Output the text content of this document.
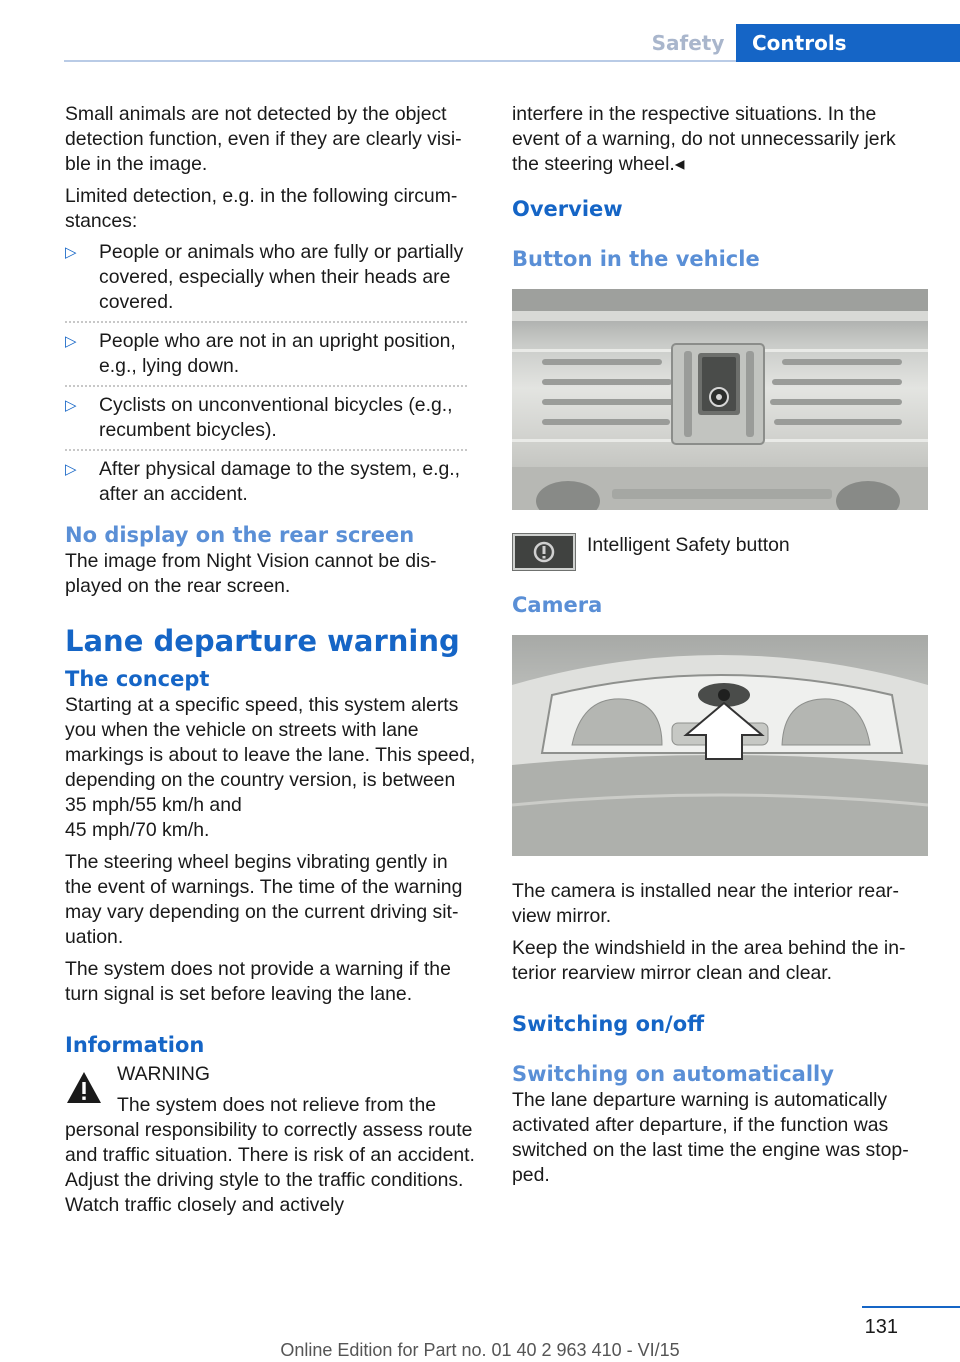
Safety	Controls

Small animals are not detected by the object detection function, even if they are clearly visible in the image.

Limited detection, e.g. in the following circumstances:

▷ People or animals who are fully or partially covered, especially when their heads are covered.
▷ People who are not in an upright position, e.g., lying down.
▷ Cyclists on unconventional bicycles (e.g., recumbent bicycles).
▷ After physical damage to the system, e.g., after an accident.
No display on the rear screen

The image from Night Vision cannot be displayed on the rear screen.

Lane departure warning
The concept

Starting at a specific speed, this system alerts you when the vehicle on streets with lane markings is about to leave the lane. This speed, depending on the country version, is between 35 mph/55 km/h and

45 mph/70 km/h.

The steering wheel begins vibrating gently in the event of warnings. The time of the warning may vary depending on the current driving situation.

The system does not provide a warning if the turn signal is set before leaving the lane.

Information
WARNING

The system does not relieve from the

personal responsibility to correctly assess route and traffic situation. There is risk of an accident. Adjust the driving style to the traffic conditions. Watch traffic closely and actively

interfere in the respective situations. In the event of a warning, do not unnecessarily jerk the steering wheel.◂

Overview
Button in the vehicle
Intelligent Safety button
Camera

The camera is installed near the interior rearview mirror.

Keep the windshield in the area behind the interior rearview mirror clean and clear.

Switching on/off
Switching on automatically

The lane departure warning is automatically activated after departure, if the function was switched on the last time the engine was stopped.

131
Online Edition for Part no. 01 40 2 963 410 - VI/15
